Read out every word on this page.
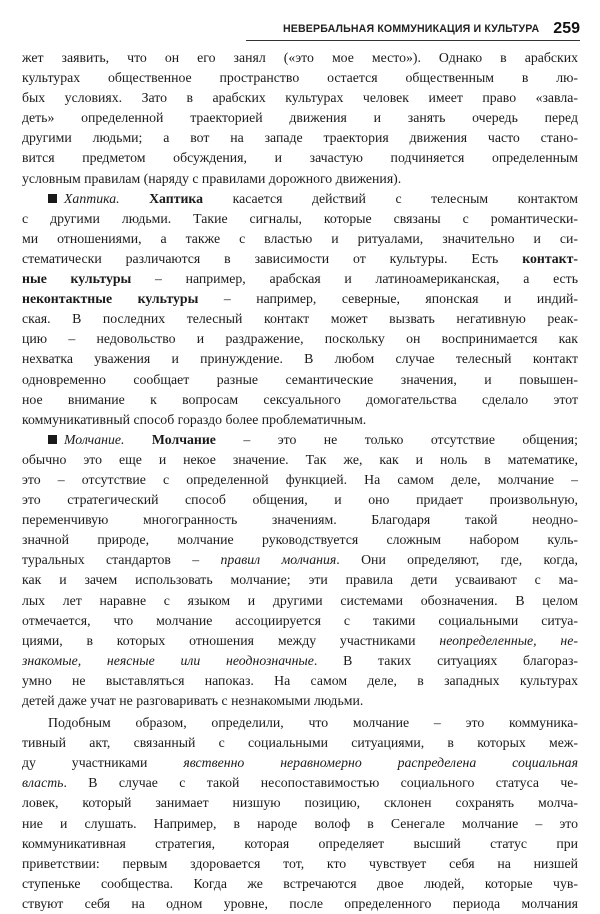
НЕВЕРБАЛЬНАЯ КОММУНИКАЦИЯ И КУЛЬТУРА 259
жет заявить, что он его занял («это мое место»). Однако в арабских
культурах общественное пространство остается общественным в лю-
бых условиях. Зато в арабских культурах человек имеет право «завла-
деть» определенной траекторией движения и занять очередь перед
другими людьми; а вот на западе траектория движения часто стано-
вится предметом обсуждения, и зачастую подчиняется определенным
условным правилам (наряду с правилами дорожного движения).
Хаптика. Хаптика касается действий с телесным контактом
с другими людьми. Такие сигналы, которые связаны с романтически-
ми отношениями, а также с властью и ритуалами, значительно и си-
стематически различаются в зависимости от культуры. Есть контакт-
ные культуры – например, арабская и латиноамериканская, а есть
неконтактные культуры – например, северные, японская и индий-
ская. В последних телесный контакт может вызвать негативную реак-
цию – недовольство и раздражение, поскольку он воспринимается как
нехватка уважения и принуждение. В любом случае телесный контакт
одновременно сообщает разные семантические значения, и повышен-
ное внимание к вопросам сексуального домогательства сделало этот
коммуникативный способ гораздо более проблематичным.
Молчание. Молчание – это не только отсутствие общения;
обычно это еще и некое значение. Так же, как и ноль в математике,
это – отсутствие с определенной функцией. На самом деле, молчание –
это стратегический способ общения, и оно придает произвольную,
переменчивую многогранность значениям. Благодаря такой неодно-
значной природе, молчание руководствуется сложным набором куль-
туральных стандартов – правил молчания. Они определяют, где, когда,
как и зачем использовать молчание; эти правила дети усваивают с ма-
лых лет наравне с языком и другими системами обозначения. В целом
отмечается, что молчание ассоциируется с такими социальными ситуа-
циями, в которых отношения между участниками неопределенные, не-
знакомые, неясные или неоднозначные. В таких ситуациях благораз-
умно не выставляться напоказ. На самом деле, в западных культурах
детей даже учат не разговаривать с незнакомыми людьми.
Подобным образом, определили, что молчание – это коммуника-
тивный акт, связанный с социальными ситуациями, в которых меж-
ду участниками явственно неравномерно распределена социальная
власть. В случае с такой несопоставимостью социального статуса че-
ловек, который занимает низшую позицию, склонен сохранять молча-
ние и слушать. Например, в народе волоф в Сенегале молчание – это
коммуникативная стратегия, которая определяет высший статус при
приветствии: первым здоровается тот, кто чувствует себя на низшей
ступеньке сообщества. Когда же встречаются двое людей, которые чув-
ствуют себя на одном уровне, после определенного периода молчания
